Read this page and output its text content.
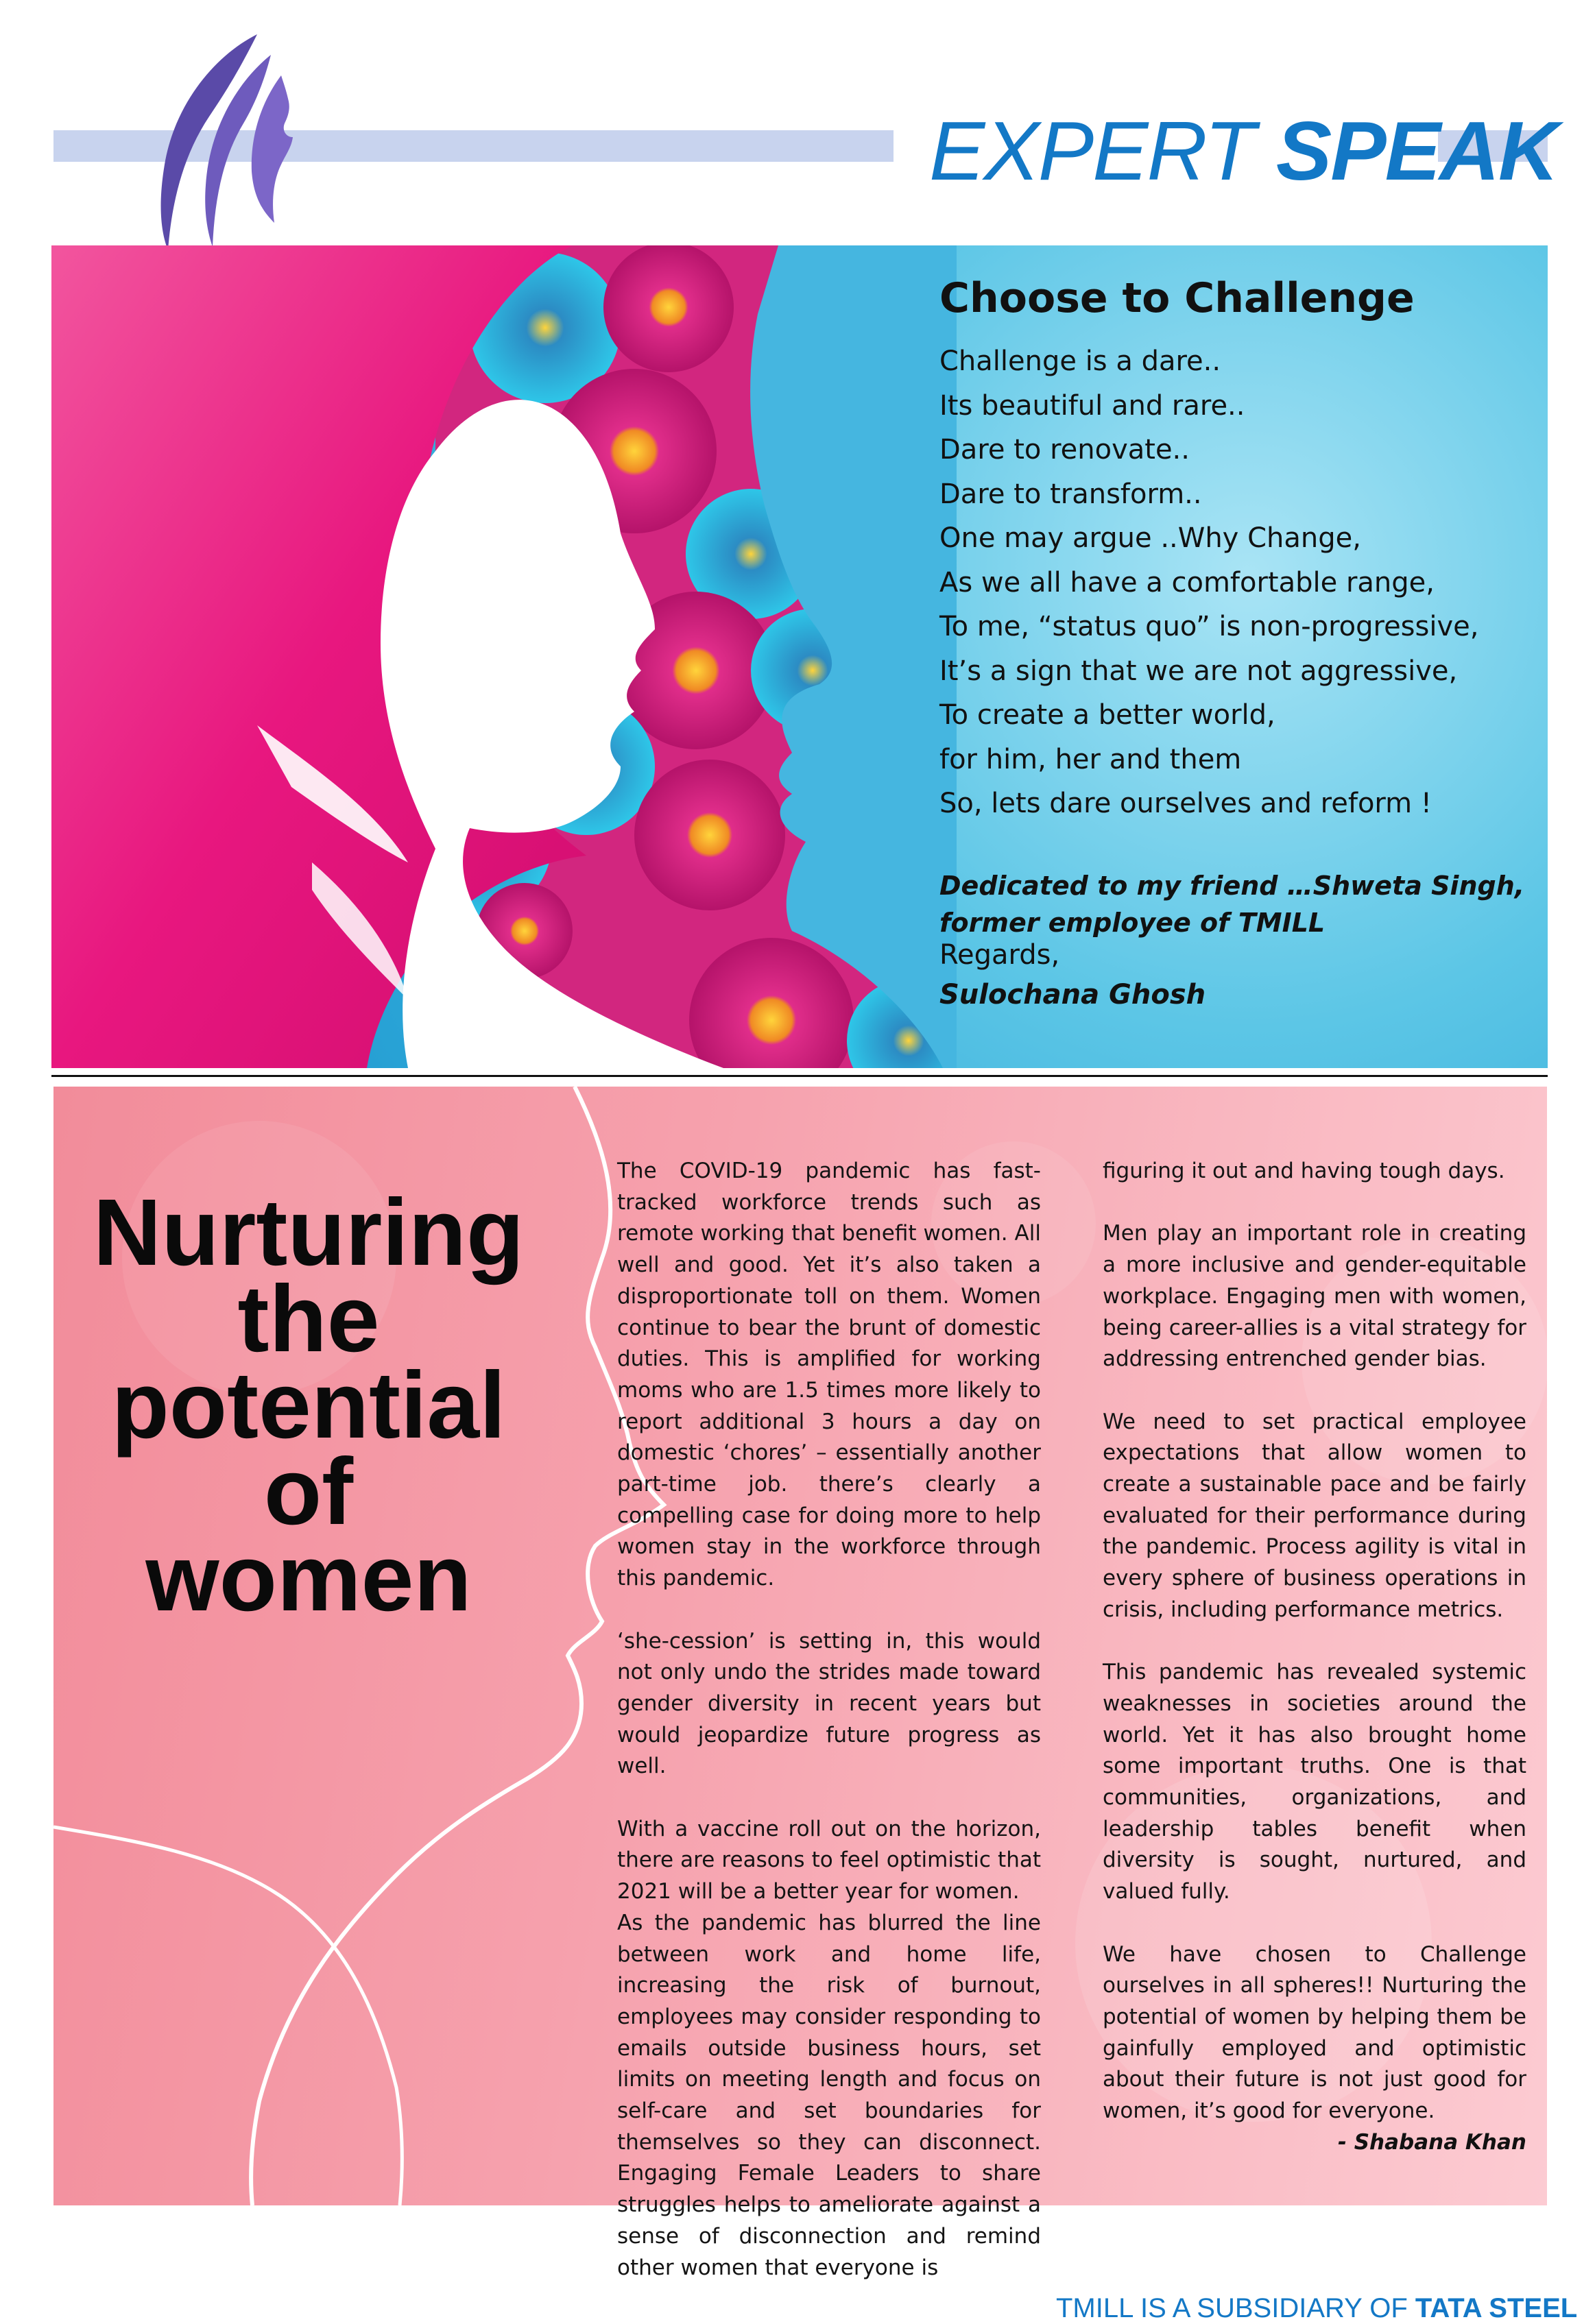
EXPERT SPEAK
Choose to Challenge
Challenge is a dare..
Its beautiful and rare..
Dare to renovate..
Dare to transform..
One may argue ..Why Change,
As we all have a comfortable range,
To me, “status quo” is non-progressive,
It’s a sign that we are not aggressive,
To create a better world,
for him, her and them
So, lets dare ourselves and reform !
Dedicated to my friend …Shweta Singh,
former employee of TMILL
Regards,
Sulochana Ghosh
Nurturing
the
potential
of
women

The COVID-19 pandemic has fast-tracked workforce trends such as remote working that benefit women. All well and good. Yet it’s also taken a disproportionate toll on them. Women continue to bear the brunt of domestic duties. This is amplified for working moms who are 1.5 times more likely to report additional 3 hours a day on domestic ‘chores’ – essentially another part-time job. there’s clearly a compelling case for doing more to help women stay in the workforce through this pandemic.

‘she-cession’ is setting in, this would not only undo the strides made toward gender diversity in recent years but would jeopardize future progress as well.

With a vaccine roll out on the horizon, there are reasons to feel optimistic that 2021 will be a better year for women.

As the pandemic has blurred the line between work and home life, increasing the risk of burnout, employees may consider responding to emails outside business hours, set limits on meeting length and focus on self-care and set boundaries for themselves so they can disconnect. Engaging Female Leaders to share struggles helps to ameliorate against a sense of disconnection and remind other women that everyone is

figuring it out and having tough days.

Men play an important role in creating a more inclusive and gender-equitable workplace. Engaging men with women, being career-allies is a vital strategy for addressing entrenched gender bias.

We need to set practical employee expectations that allow women to create a sustainable pace and be fairly evaluated for their performance during the pandemic. Process agility is vital in every sphere of business operations in crisis, including performance metrics.

This pandemic has revealed systemic weaknesses in societies around the world. Yet it has also brought home some important truths. One is that communities, organizations, and leadership tables benefit when diversity is sought, nurtured, and valued fully.

We have chosen to Challenge ourselves in all spheres!! Nurturing the potential of women by helping them be gainfully employed and optimistic about their future is not just good for women, it’s good for everyone.

- Shabana Khan
TMILL IS A SUBSIDIARY OF TATA STEEL
